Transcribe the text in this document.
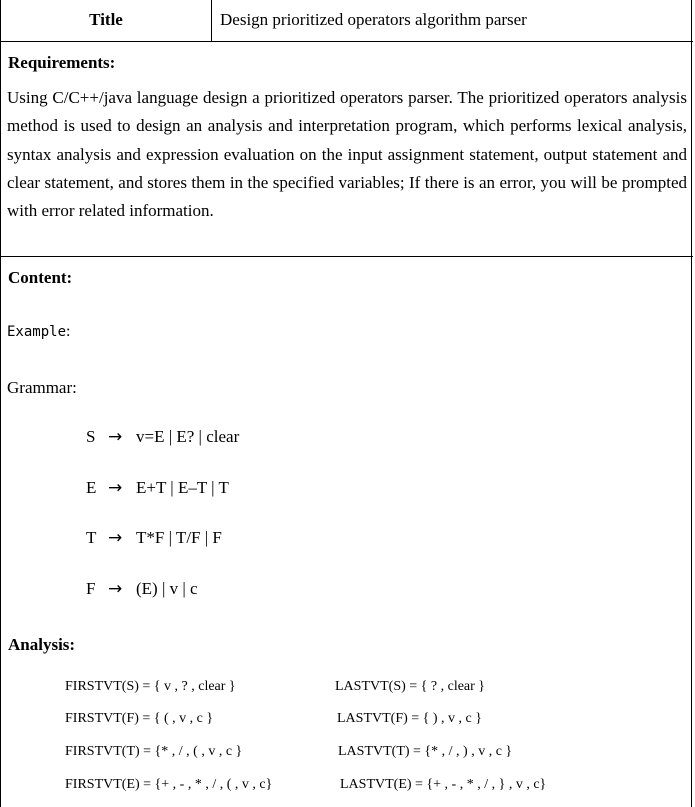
Title	Design prioritized operators algorithm parser
Requirements:
Using C/C++/java language design a prioritized operators parser. The prioritized operators analysis method is used to design an analysis and interpretation program, which performs lexical analysis, syntax analysis and expression evaluation on the input assignment statement, output statement and clear statement, and stores them in the specified variables; If there is an error, you will be prompted with error related information.
Content:
Example:
Grammar:
S → v=E | E? | clear
E → E+T | E–T | T
T → T*F | T/F | F
F → (E) | v | c
Analysis:
FIRSTVT(S) = { v , ? , clear }
FIRSTVT(F) = { ( , v , c }
FIRSTVT(T) = {* , / , ( , v , c }
FIRSTVT(E) = {+ , - , * , / , ( , v , c}
LASTVT(S) = { ? , clear }
LASTVT(F) = { ) , v , c }
LASTVT(T) = {* , / , ) , v , c }
LASTVT(E) = {+ , - , * , / , } , v , c}
